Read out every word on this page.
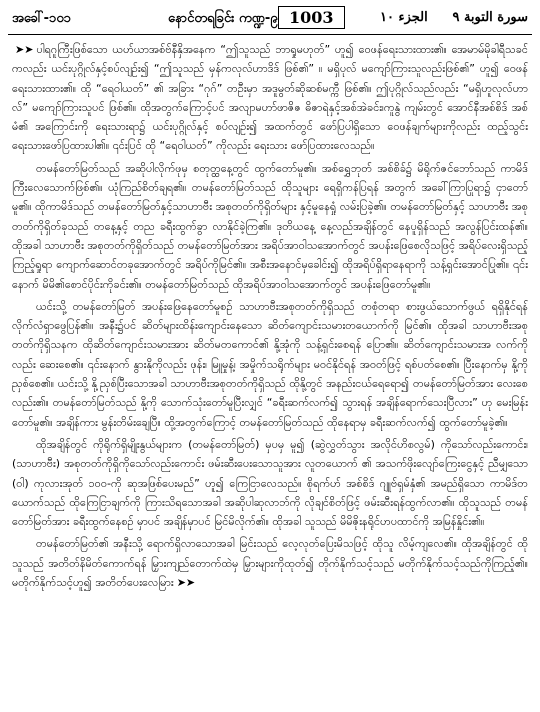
အခေါ်-၁၀၁	နောင်တရခြင်း ကဏ္ဍ-၉ 1003	الجزء ١٠ سورة التوبة ٩

➤➤ ပါရဂူကြီးဖြစ်သော ယဟ်ယာအစ်ဗ်နီနှိအနေက “ဤသူသည် ဘာရှုမဟုတ်” ဟူ၍ ဝေဖန်ရေးသားထား၏။ အေမာမ်မိုခါရီသခင်ကလည်း ယင်းပုဂ္ဂိုလ်နှင့်စပ်လျဉ်း၍ “ဤသူသည် မှန်ကလုလ်ဟာဒိဒ် ဖြစ်၏” ။ မရှိပုလ် မကျော်ကြားသူလည်းဖြစ်၏” ဟူ၍ ဝေဖန်ရေးသားထား၏။ ထို “ရေဝါယတ်” ၏ အခြား “ဂုဂ်” တဦးမှာ အဒူမွတ်ဆိုဆစ်မက္ကီ ဖြစ်၏။ ဤပုဂ္ဂိုလ်သည်လည်း “မရှိဟူလုလ်ဟာလ်” မကျော်ကြားသူပင် ဖြစ်၏။ ထိုအတွက်ကြောင့်ပင် အလျာမဟာ်ဖာဇိဇ ဓိဇာရဲနှင့်အစ်အဲခင်း၊ကူနွဲ ကျမ်းတွင် အောင်နီအစ်စိဒ် အစ်မံ၏ အကြောင်းကို ရေးသားရာ၌ ယင်းပုဂ္ဂိုလ်နှင့် စပ်လျဉ်း၍ အထက်တွင် ဖော်ပြပါရှိသော ဝေဖန်ချက်များကိုလည်း ထည့်သွင်းရေးသားဖော်ပြထားပါ၏။ ၎င်းပြင် ထို “ရေဝါယတ်” ကိုလည်း ရေးသား ဖော်ပြထားလေသည်။

တမန်တော်မြတ်သည် အဆိုပါလိုက်ဖုမှ စတုတ္ထနေ့တွင် ထွက်တော်မူ၏။ အစ်ရွှေဘုတ် အစ်စိခ်၌ မိရိုက်ဇင်ဘော်သည် ကာမိဒ်ကြီးလေသောက်ဖြစ်၏။ ယုံကြည်စိတ်ချရ၏။ တမန်တော်မြတ်သည် ထိုသူများ ရေရှိကန်ပြရန် အတွက် အခေါ်ကြာပြုရာ၌ ငှာတော်မူ၏။ ထိုကာမိဒ်သည် တမန်တော်မြတ်နှင့်သာဟာဗီး အစုတတ်ကိုရှိတ်များ နှင့်မူနေရှုံ လမ်းပြခဲ့၏။ တမန်တော်မြတ်နှင့် သာဟာဗီး အစုတတ်ကိုရှိတ်ခုသည် တနေ့နှင့် တည ခရီးထွက်ခွာ လာနိုင်ခဲ့ကြ၏။ ဒုတိယနေ့ နေ့လည်အချိန်တွင် နေပူရှိန်သည် အလွန်ပြင်းထန်၏။ ထိုအခါ သာဟာဗီး အစုတတ်ကိုရှိတ်သည် တမန်တော်မြတ်အား အရိပ်အာဝါသအောက်တွင် အပန်းဖြေစေလိုသဖြင့် အရိပ်လေးရှိသည့် ကြည့်ရှုရာ ကျောက်ဆောင်တခုအောက်တွင် အရိပ်ကိုမြင်၏။ အစီးအနောင်မှခေါင်း၍ ထိုအရိပ်ရှိရာနေရာကို သန့်ရှင်းအောင်ပြု၏။ ၎င်းနောက် မိမိ၏စောင်ပိုင်းကိုခင်း၏။ တမန်တော်မြတ်သည် ထိုအရိပ်အာဝါသအောက်တွင် အပန်းဖြေတော်မူ၏။

ယင်းသို့ တမန်တော်မြတ် အပန်းဖြေနေတော်မူစဉ် သာဟာဗီးအစုတတ်ကိုရှိသည် တစုံတရာ စားဖွယ်သောက်ဖွယ် ရရှိနိုင်ရန် လိုက်လံရှာဖွေပြန်၏။ အနီး၌ပင် ဆိတ်များထိန်းကျောင်းနေသော ဆိတ်ကျောင်းသမားတယောက်ကို မြင်၏။ ထိုအခါ သာဟာဗီးအစုတတ်ကိုရှိသနက ထိုဆိတ်ကျောင်းသမားအား ဆိတ်မတကောင်၏ နို့အုံကို သန့်ရှင်းစေရန် ပြော၏။ ဆိတ်ကျောင်းသမားအ လက်ကိုလည်း ဆေးစေ၏။ ၎င်းနောက် နွားနိုကိုလည်း ဖုန်း၊ မြူမှုန့်၊ အမှိုက်သရိုက်များ မဝင်နိုင်ရန် အဝတ်ဖြင့် ရစ်ပတ်စေ၏။ ပြီးနောက်မှ နို့ကို ညှစ်စေ၏။ ယင်းသို့ နို့ညှစ်ပြီးသောအခါ သာဟာဗီးအစုတတ်ကိုရှိသည် ထိုနို့တွင် အနည်းငယ်ရေရော၍ တမန်တော်မြတ်အား လေးစေလည်း၏။ တမန်တော်မြတ်သည် နို့ကို သောက်သုံးတော်မူပြီးလျှင် “ခရီးဆက်လက်၍ သွားရန် အချိန်ရောက်သေးပြီလား” ဟု မေးမြန်းတော်မူ၏။ အချိန်ကား မွန်းတိမ်းချေပြီ။ ထို့အတွက်ကြောင့် တမန်တော်မြတ်သည် ထိုနေရာမှ ခရီးဆက်လက်၍ ထွက်တော်မူခဲ့၏။

ထိုအချိန်တွင် ကိုရိုက်ရှိမျိုးနွယ်များက (တမန်တော်မြတ်) မှပမှ မူ၍ (ဆွဲလွှတ်သွား အလိုင်ဟိစလွမ်) ကိုသော်လည်းကောင်း၊ (သာဟာဗီး) အစုတတ်ကိုရှိကိုသော်လည်းကောင်း ဖမ်းဆီးပေးသောသူအား လူတယောက် ၏ အသက်ဖိုးလျော်ကြေးငွေနှင့် ညီမျှသော (ဝါ) ကုလားအုတ် ၁၀၀-ကို ဆုအဖြစ်ပေးမည်” ဟူ၍ ကြေငြာလေသည်။ စိုရက်ဟ် အစ်စိဒ် ဂျူဗ်ရှမ်နှံ၏ အမည်ရှိသော ကာမိဒ်တယောက်သည် ထိုကြေငြာချက်ကို ကြားသိရသောအခါ အဆိုပါဆုလာဘ်ကို လိုချင်စိတ်ဖြင့် ဖမ်းဆီးရန်ထွက်လာ၏။ ထိုသူသည် တမန်တော်မြတ်အား ခရီးထွက်နေစဉ် မှာပင် အချိန်မှာပင် မြင်မိလိုက်၏။ ထိုအခါ သူသည် မိမိဇိုးနရိုင်ဟပထာင်ကို အမြန်နှိုင်း၏။

တမန်တော်မြတ်၏ အနီးသို့ ရောက်ရှိလာသောအခါ မြင်းသည် လေ့လုတ်ပြေးမိသဖြင့် ထိုသူ လိမ့်ကျလေ၏။ ထိုအချိန်တွင် ထိုသူသည် အတိတ်နိမိတ်ကောက်ရန် မြှားကျည်တောက်ထဲမှ မြှားများကိုထုတ်၍ တိုက်နိုက်သင့်သည် မတိုက်နိုက်သင့်သည်ကိုကြည့်၏။ မတိုက်နိုက်သင့်ဟူ၍ အတိတ်ပေးလေမြား ➤➤
